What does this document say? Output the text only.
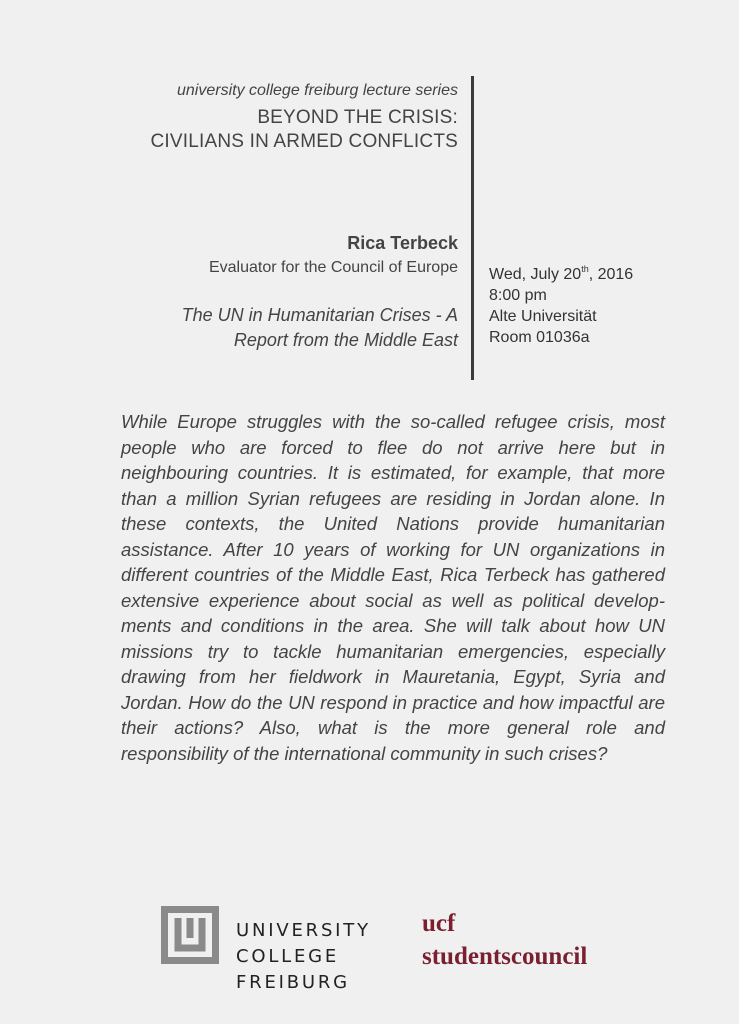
university college freiburg lecture series
BEYOND THE CRISIS:
CIVILIANS IN ARMED CONFLICTS
Rica Terbeck
Evaluator for the Council of Europe
The UN in Humanitarian Crises - A
Report from the Middle East
Wed, July 20th, 2016
8:00 pm
Alte Universität
Room 01036a
While Europe struggles with the so-called refugee crisis, most people who are forced to flee do not arrive here but in neighbouring countries. It is estimated, for example, that more than a million Syrian refugees are residing in Jordan alone. In these contexts, the United Nations provide humanitarian assistance. After 10 years of working for UN organizations in different countries of the Middle East, Rica Terbeck has gathered extensive experience about social as well as political developments and conditions in the area. She will talk about how UN missions try to tackle humanitarian emergencies, especially drawing from her fieldwork in Mauretania, Egypt, Syria and Jordan. How do the UN respond in practice and how impactful are their actions? Also, what is the more general role and responsibility of the international community in such crises?
UNIVERSITY
COLLEGE
FREIBURG
ucf
studentscouncil
